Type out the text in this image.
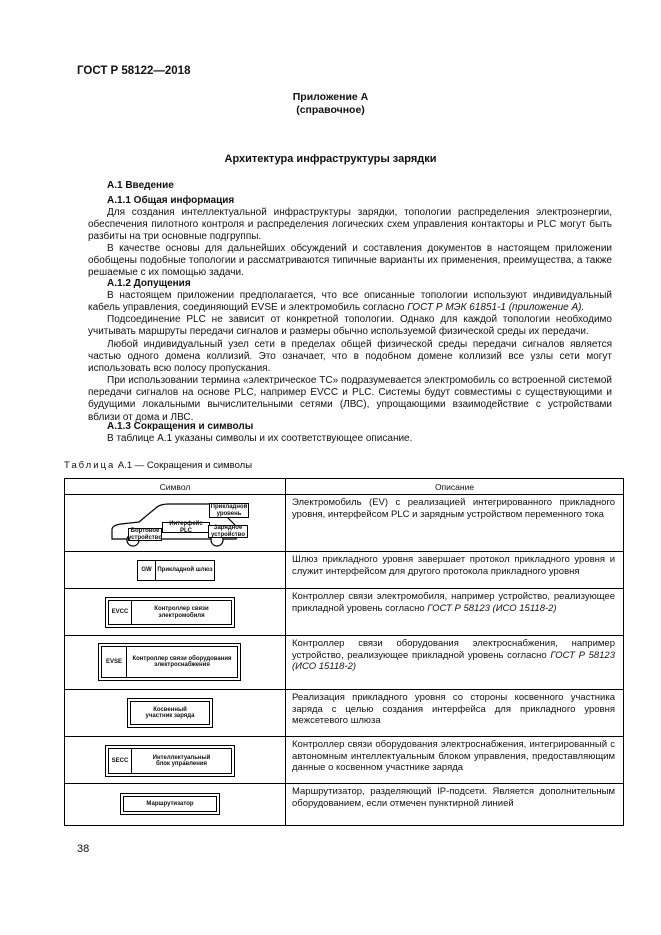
ГОСТ Р 58122—2018
Приложение А
(справочное)
Архитектура инфраструктуры зарядки
А.1 Введение
А.1.1 Общая информация
Для создания интеллектуальной инфраструктуры зарядки, топологии распределения электроэнергии, обеспечения пилотного контроля и распределения логических схем управления контакторы и PLC могут быть разбиты на три основные подгруппы.
В качестве основы для дальнейших обсуждений и составления документов в настоящем приложении обобщены подобные топологии и рассматриваются типичные варианты их применения, преимущества, а также решаемые с их помощью задачи.
А.1.2 Допущения
В настоящем приложении предполагается, что все описанные топологии используют индивидуальный кабель управления, соединяющий EVSE и электромобиль согласно ГОСТ Р МЭК 61851-1 (приложение А).
Подсоединение PLC не зависит от конкретной топологии. Однако для каждой топологии необходимо учитывать маршруты передачи сигналов и размеры обычно используемой физической среды их передачи.
Любой индивидуальный узел сети в пределах общей физической среды передачи сигналов является частью одного домена коллизий. Это означает, что в подобном домене коллизий все узлы сети могут использовать всю полосу пропускания.
При использовании термина «электрическое ТС» подразумевается электромобиль со встроенной системой передачи сигналов на основе PLC, например EVCC и PLC. Системы будут совместимы с существующими и будущими локальными вычислительными сетями (ЛВС), упрощающими взаимодействие с устройствами вблизи от дома и ЛВС.
А.1.3 Сокращения и символы
В таблице А.1 указаны символы и их соответствующее описание.
Таблица А.1 — Сокращения и символы
Символ	Описание

Прикладной уровень
Интерфейс PLC
Бортовое устройство
Зарядное устройство	Электромобиль (EV) с реализацией интегрированного прикладного уровня, интерфейсом PLC и зарядным устройством переменного тока

GW Прикладной шлюз	Шлюз прикладного уровня завершает протокол прикладного уровня и служит интерфейсом для другого протокола прикладного уровня

EVCC
Контроллер связи электромобиля	Контроллер связи электромобиля, например устройство, реализующее прикладной уровень согласно ГОСТ Р 58123 (ИСО 15118-2)

EVSE
Контроллер связи оборудования электроснабжения	Контроллер связи оборудования электроснабжения, например устройство, реализующее прикладной уровень согласно ГОСТ Р 58123 (ИСО 15118-2)

Косвенный участник заряда	Реализация прикладного уровня со стороны косвенного участника заряда с целью создания интерфейса для прикладного уровня межсетевого шлюза

SECC
Интеллектуальный блок управления	Контроллер связи оборудования электроснабжения, интегрированный с автономным интеллектуальным блоком управления, предоставляющим данные о косвенном участнике заряда

Маршрутизатор	Маршрутизатор, разделяющий IP-подсети. Является дополнительным оборудованием, если отмечен пунктирной линией
38
